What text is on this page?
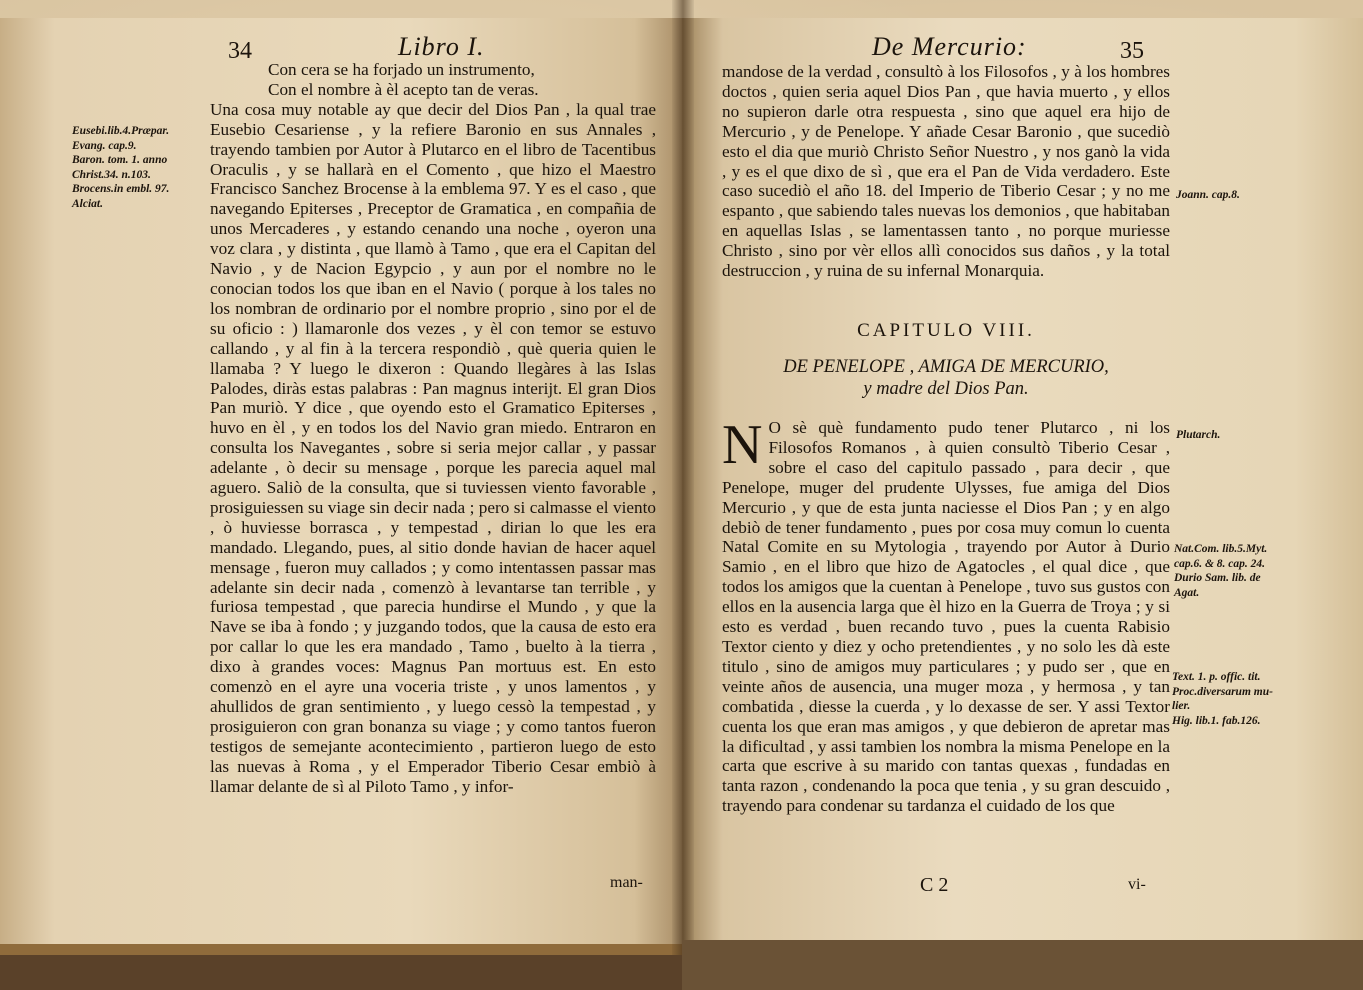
34	Libro I.
Eusebi.lib.4.Præpar.
Evang. cap.9.
Baron. tom. 1. anno
Christ.34. n.103.
Brocens.in embl. 97.
Alciat.

Con cera se ha forjado un instrumento,

Con el nombre à èl acepto tan de veras.

Una cosa muy notable ay que decir del Dios Pan , la qual trae Eusebio Cesariense , y la refiere Baronio en sus Annales , trayendo tambien por Autor à Plutarco en el libro de Tacentibus Oraculis , y se hallarà en el Comento , que hizo el Maestro Francisco Sanchez Brocense à la emblema 97. Y es el caso , que navegando Epiterses , Preceptor de Gramatica , en compañia de unos Mercaderes , y estando cenando una noche , oyeron una voz clara , y distinta , que llamò à Tamo , que era el Capitan del Navio , y de Nacion Egypcio , y aun por el nombre no le conocian todos los que iban en el Navio ( porque à los tales no los nombran de ordinario por el nombre proprio , sino por el de su oficio : ) llamaronle dos vezes , y èl con temor se estuvo callando , y al fin à la tercera respondiò , què queria quien le llamaba ? Y luego le dixeron : Quando llegàres à las Islas Palodes, diràs estas palabras : Pan magnus interijt. El gran Dios Pan muriò. Y dice , que oyendo esto el Gramatico Epiterses , huvo en èl , y en todos los del Navio gran miedo. Entraron en consulta los Navegantes , sobre si seria mejor callar , y passar adelante , ò decir su mensage , porque les parecia aquel mal aguero. Saliò de la consulta, que si tuviessen viento favorable , prosiguiessen su viage sin decir nada ; pero si calmasse el viento , ò huviesse borrasca , y tempestad , dirian lo que les era mandado. Llegando, pues, al sitio donde havian de hacer aquel mensage , fueron muy callados ; y como intentassen passar mas adelante sin decir nada , comenzò à levantarse tan terrible , y furiosa tempestad , que parecia hundirse el Mundo , y que la Nave se iba à fondo ; y juzgando todos, que la causa de esto era por callar lo que les era mandado , Tamo , buelto à la tierra , dixo à grandes voces: Magnus Pan mortuus est. En esto comenzò en el ayre una voceria triste , y unos lamentos , y ahullidos de gran sentimiento , y luego cessò la tempestad , y prosiguieron con gran bonanza su viage ; y como tantos fueron testigos de semejante acontecimiento , partieron luego de esto las nuevas à Roma , y el Emperador Tiberio Cesar embiò à llamar delante de sì al Piloto Tamo , y infor-

man-
De Mercurio:	35

mandose de la verdad , consultò à los Filosofos , y à los hombres doctos , quien seria aquel Dios Pan , que havia muerto , y ellos no supieron darle otra respuesta , sino que aquel era hijo de Mercurio , y de Penelope. Y añade Cesar Baronio , que sucediò esto el dia que muriò Christo Señor Nuestro , y nos ganò la vida , y es el que dixo de sì , que era el Pan de Vida verdadero. Este caso sucediò el año 18. del Imperio de Tiberio Cesar ; y no me espanto , que sabiendo tales nuevas los demonios , que habitaban en aquellas Islas , se lamentassen tanto , no porque muriesse Christo , sino por vèr ellos allì conocidos sus daños , y la total destruccion , y ruina de su infernal Monarquia.

CAPITULO VIII.
DE PENELOPE , AMIGA DE MERCURIO,
y madre del Dios Pan.

N O sè què fundamento pudo tener Plutarco , ni los Filosofos Romanos , à quien consultò Tiberio Cesar , sobre el caso del capitulo passado , para decir , que Penelope, muger del prudente Ulysses, fue amiga del Dios Mercurio , y que de esta junta naciesse el Dios Pan ; y en algo debiò de tener fundamento , pues por cosa muy comun lo cuenta Natal Comite en su Mytologia , trayendo por Autor à Durio Samio , en el libro que hizo de Agatocles , el qual dice , que todos los amigos que la cuentan à Penelope , tuvo sus gustos con ellos en la ausencia larga que èl hizo en la Guerra de Troya ; y si esto es verdad , buen recando tuvo , pues la cuenta Rabisio Textor ciento y diez y ocho pretendientes , y no solo les dà este titulo , sino de amigos muy particulares ; y pudo ser , que en veinte años de ausencia, una muger moza , y hermosa , y tan combatida , diesse la cuerda , y lo dexasse de ser. Y assi Textor cuenta los que eran mas amigos , y que debieron de apretar mas la dificultad , y assi tambien los nombra la misma Penelope en la carta que escrive à su marido con tantas quexas , fundadas en tanta razon , condenando la poca que tenia , y su gran descuido , trayendo para condenar su tardanza el cuidado de los que

C 2	vi-
Joann. cap.8.
Plutarch.
Nat.Com. lib.5.Myt.
cap.6. & 8. cap. 24.
Durio Sam. lib. de
Agat.
Text. 1. p. offic. tit.
Proc.diversarum mu-
lier.
Hig. lib.1. fab.126.
